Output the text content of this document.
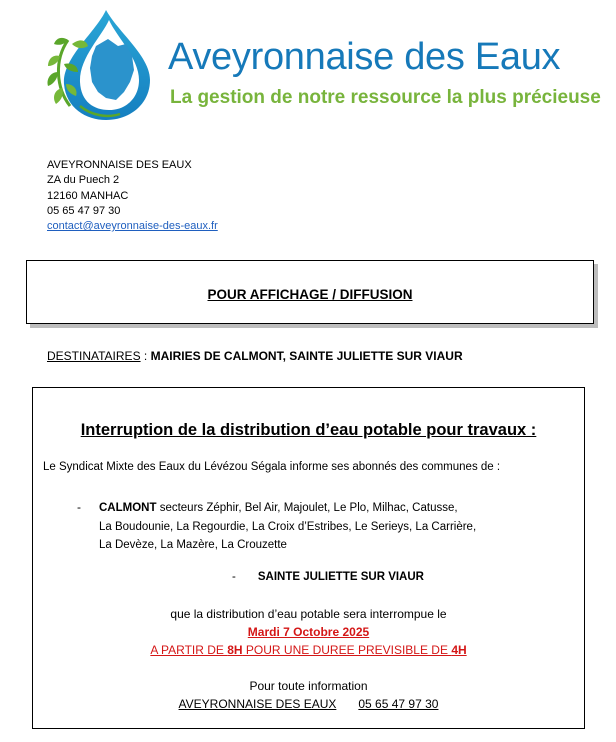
Aveyronnaise des Eaux
La gestion de notre ressource la plus précieuse
AVEYRONNAISE DES EAUX
ZA du Puech 2
12160 MANHAC
05 65 47 97 30
contact@aveyronnaise-des-eaux.fr
POUR AFFICHAGE / DIFFUSION
DESTINATAIRES : MAIRIES DE CALMONT, SAINTE JULIETTE SUR VIAUR
Interruption de la distribution d’eau potable pour travaux :
Le Syndicat Mixte des Eaux du Lévézou Ségala informe ses abonnés des communes de :
- CALMONT secteurs Zéphir, Bel Air, Majoulet, Le Plo, Milhac, Catusse,
La Boudounie, La Regourdie, La Croix d’Estribes, Le Serieys, La Carrière,
La Devèze, La Mazère, La Crouzette
- SAINTE JULIETTE SUR VIAUR
que la distribution d’eau potable sera interrompue le
Mardi 7 Octobre 2025
A PARTIR DE 8H POUR UNE DUREE PREVISIBLE DE 4H
Pour toute information
AVEYRONNAISE DES EAUX 05 65 47 97 30
